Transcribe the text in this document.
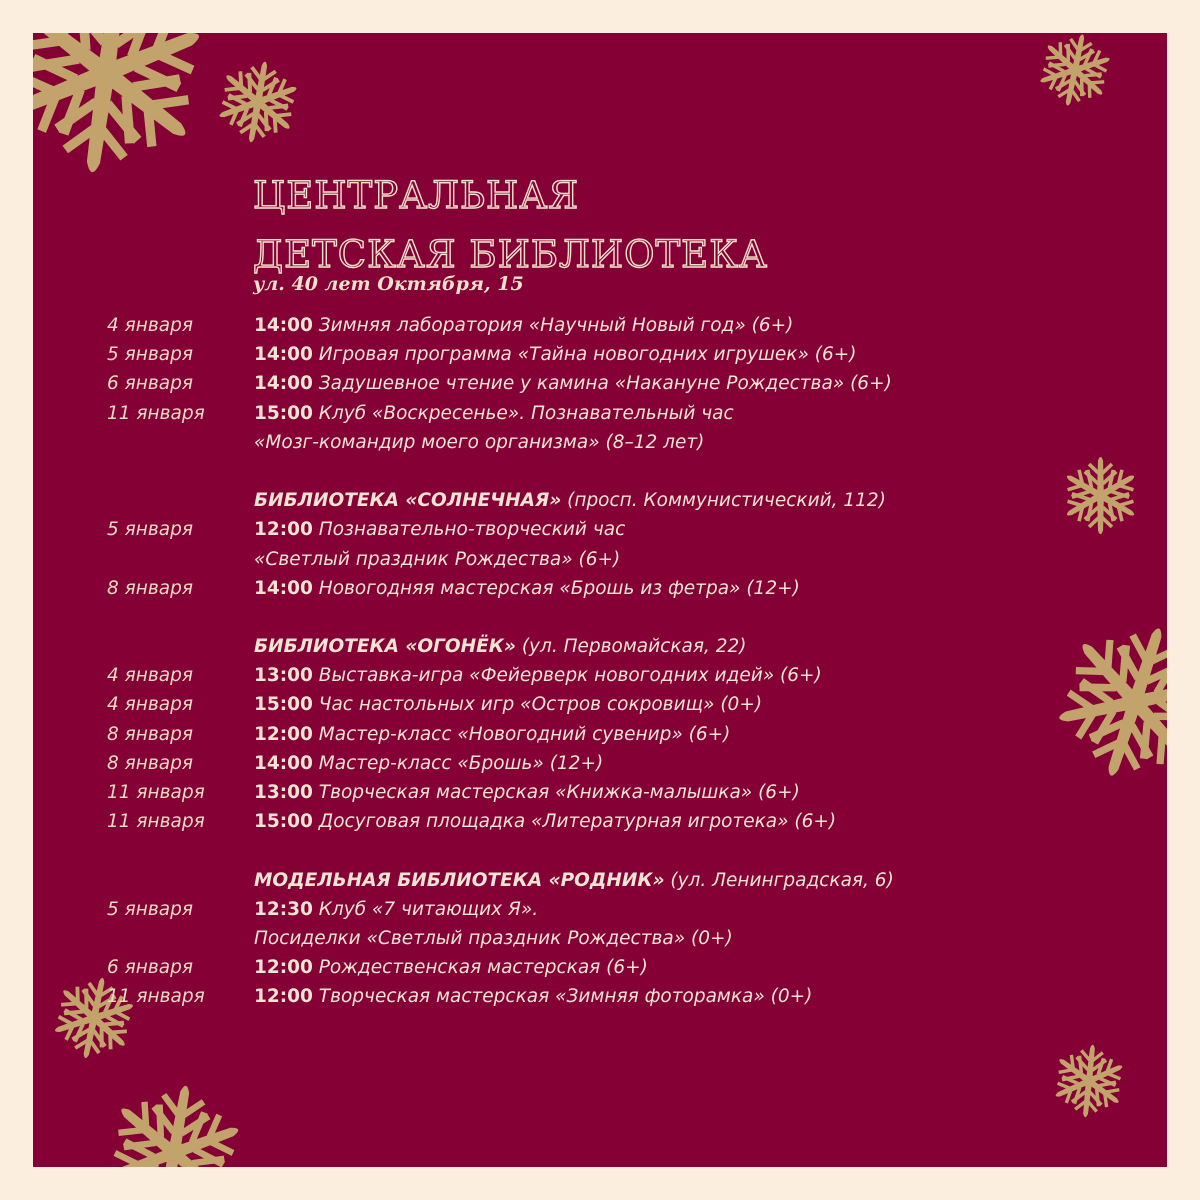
ЦЕНТРАЛЬНАЯ
ДЕТСКАЯ БИБЛИОТЕКА
ул. 40 лет Октября, 15
4 января	14:00 Зимняя лаборатория «Научный Новый год» (6+)
5 января	14:00 Игровая программа «Тайна новогодних игрушек» (6+)
6 января	14:00 Задушевное чтение у камина «Накануне Рождества» (6+)
11 января	15:00 Клуб «Воскресенье». Познавательный час
«Мозг-командир моего организма» (8–12 лет)
БИБЛИОТЕКА «СОЛНЕЧНАЯ» (просп. Коммунистический, 112)
5 января	12:00 Познавательно-творческий час
«Светлый праздник Рождества» (6+)
8 января	14:00 Новогодняя мастерская «Брошь из фетра» (12+)
БИБЛИОТЕКА «ОГОНЁК» (ул. Первомайская, 22)
4 января	13:00 Выставка-игра «Фейерверк новогодних идей» (6+)
4 января	15:00 Час настольных игр «Остров сокровищ» (0+)
8 января	12:00 Мастер-класс «Новогодний сувенир» (6+)
8 января	14:00 Мастер-класс «Брошь» (12+)
11 января	13:00 Творческая мастерская «Книжка-малышка» (6+)
11 января	15:00 Досуговая площадка «Литературная игротека» (6+)
МОДЕЛЬНАЯ БИБЛИОТЕКА «РОДНИК» (ул. Ленинградская, 6)
5 января	12:30 Клуб «7 читающих Я».
Посиделки «Светлый праздник Рождества» (0+)
6 января	12:00 Рождественская мастерская (6+)
11 января	12:00 Творческая мастерская «Зимняя фоторамка» (0+)
